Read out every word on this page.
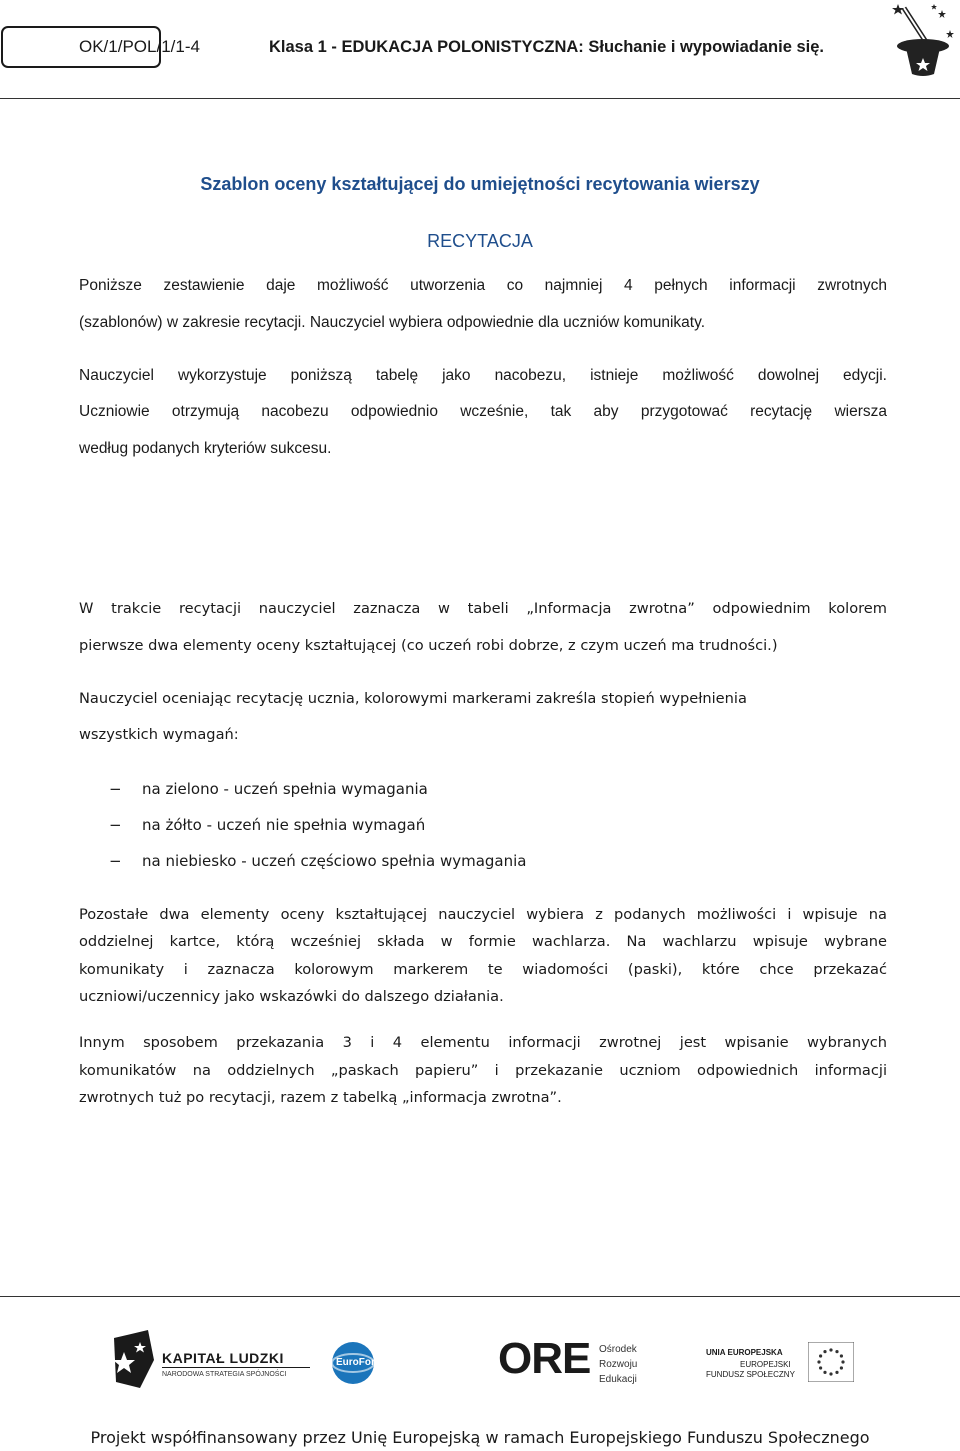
OK/1/POL/1/1-4	Klasa 1 - EDUKACJA POLONISTYCZNA: Słuchanie i wypowiadanie się.
Szablon oceny kształtującej do umiejętności recytowania wierszy
RECYTACJA
Poniższe zestawienie daje możliwość utworzenia co najmniej 4 pełnych informacji zwrotnych
(szablonów) w zakresie recytacji. Nauczyciel wybiera odpowiednie dla uczniów komunikaty.
Nauczyciel wykorzystuje poniższą tabelę jako nacobezu, istnieje możliwość dowolnej edycji.
Uczniowie otrzymują nacobezu odpowiednio wcześnie, tak aby przygotować recytację wiersza
według podanych kryteriów sukcesu.
W trakcie recytacji nauczyciel zaznacza w tabeli „Informacja zwrotna” odpowiednim kolorem
pierwsze dwa elementy oceny kształtującej (co uczeń robi dobrze, z czym uczeń ma trudności.)
Nauczyciel oceniając recytację ucznia, kolorowymi markerami zakreśla stopień wypełnienia
wszystkich wymagań:
− na zielono - uczeń spełnia wymagania
− na żółto - uczeń nie spełnia wymagań
− na niebiesko - uczeń częściowo spełnia wymagania
Pozostałe dwa elementy oceny kształtującej nauczyciel wybiera z podanych możliwości i wpisuje na
oddzielnej kartce, którą wcześniej składa w formie wachlarza. Na wachlarzu wpisuje wybrane
komunikaty i zaznacza kolorowym markerem te wiadomości (paski), które chce przekazać
uczniowi/uczennicy jako wskazówki do dalszego działania.
Innym sposobem przekazania 3 i 4 elementu informacji zwrotnej jest wpisanie wybranych
komunikatów na oddzielnych „paskach papieru” i przekazanie uczniom odpowiednich informacji
zwrotnych tuż po recytacji, razem z tabelką „informacja zwrotna”.
KAPITAŁ LUDZKI
NARODOWA STRATEGIA SPÓJNOŚCI
EuroForum ORE Ośrodek
Rozwoju
Edukacji
UNIA EUROPEJSKA
EUROPEJSKI
FUNDUSZ SPOŁECZNY
Projekt współfinansowany przez Unię Europejską w ramach Europejskiego Funduszu Społecznego
